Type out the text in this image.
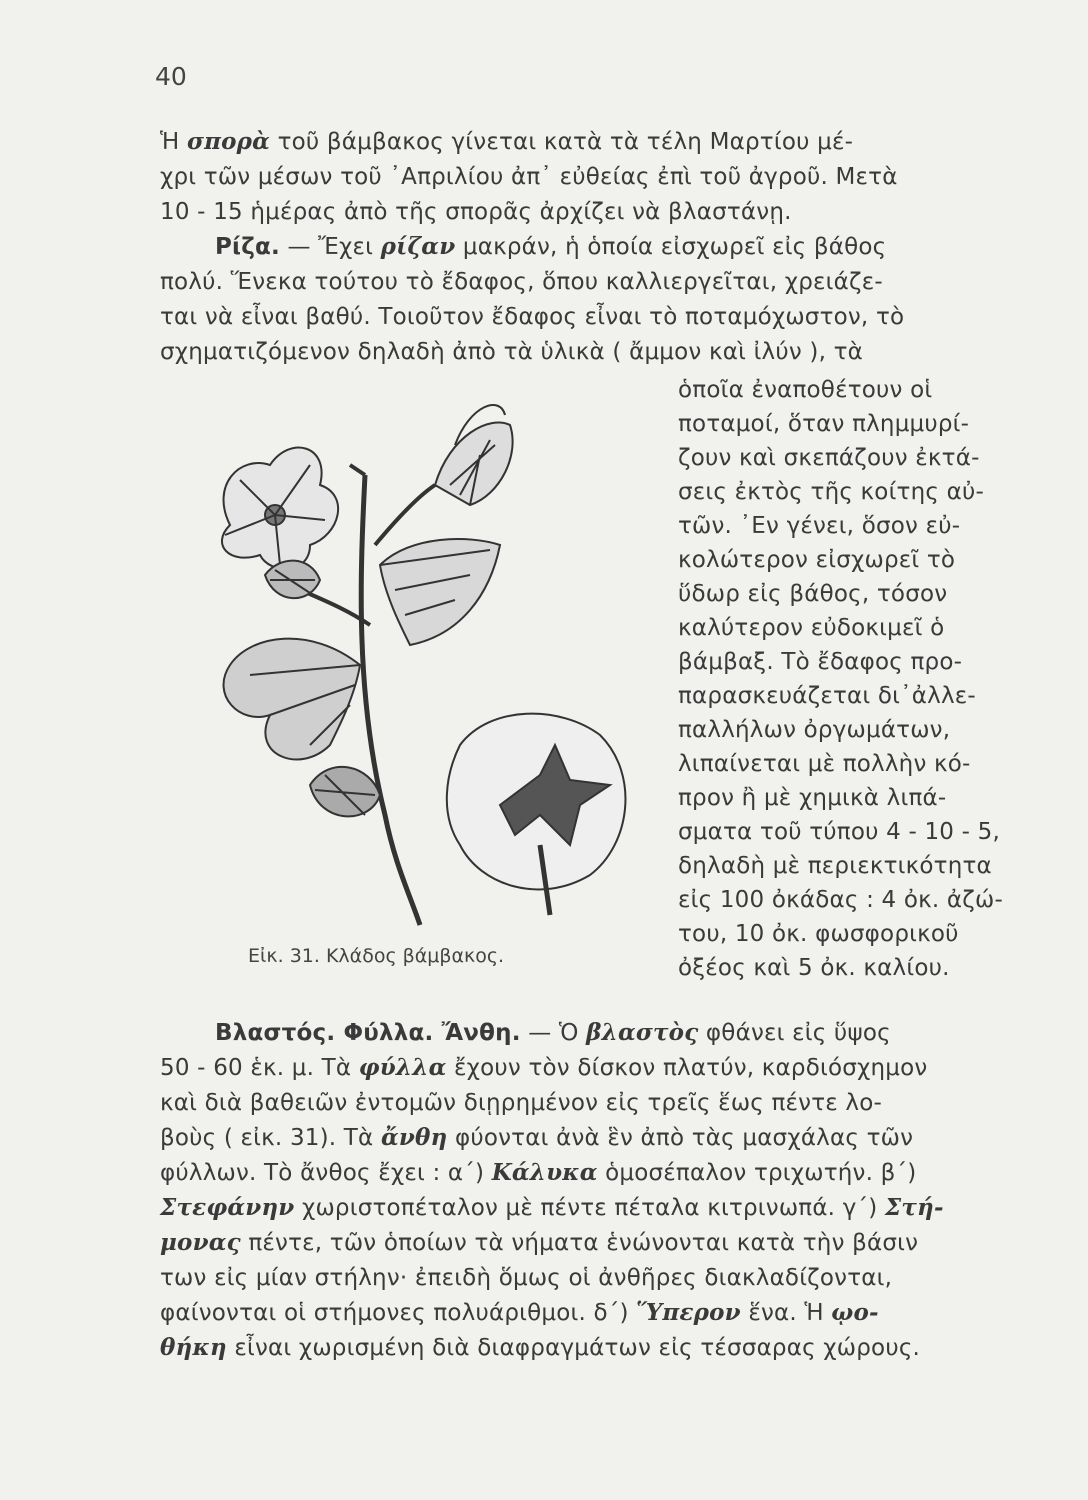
40
Ἡ σπορὰ τοῦ βάμβακος γίνεται κατὰ τὰ τέλη Μαρτίου μέ-
χρι τῶν μέσων τοῦ ᾿Απριλίου ἀπ᾿ εὐθείας ἐπὶ τοῦ ἀγροῦ. Μετὰ
10 - 15 ἡμέρας ἀπὸ τῆς σπορᾶς ἀρχίζει νὰ βλαστάνῃ.
Ρίζα. — Ἔχει ρίζαν μακράν, ἡ ὁποία εἰσχωρεῖ εἰς βάθος
πολύ. Ἕνεκα τούτου τὸ ἔδαφος, ὅπου καλλιεργεῖται, χρειάζε-
ται νὰ εἶναι βαθύ. Τοιοῦτον ἔδαφος εἶναι τὸ ποταμόχωστον, τὸ
σχηματιζόμενον δηλαδὴ ἀπὸ τὰ ὑλικὰ ( ἄμμον καὶ ἰλύν ), τὰ
ὁποῖα ἐναποθέτουν οἱ
ποταμοί, ὅταν πλημμυρί-
ζουν καὶ σκεπάζουν ἐκτά-
σεις ἐκτὸς τῆς κοίτης αὐ-
τῶν. ᾿Εν γένει, ὅσον εὐ-
κολώτερον εἰσχωρεῖ τὸ
ὕδωρ εἰς βάθος, τόσον
καλύτερον εὐδοκιμεῖ ὁ
βάμβαξ. Τὸ ἔδαφος προ-
παρασκευάζεται δι᾿ἀλλε-
παλλήλων ὀργωμάτων,
λιπαίνεται μὲ πολλὴν κό-
προν ἢ μὲ χημικὰ λιπά-
σματα τοῦ τύπου 4 - 10 - 5,
δηλαδὴ μὲ περιεκτικότητα
εἰς 100 ὀκάδας : 4 ὀκ. ἀζώ-
του, 10 ὀκ. φωσφορικοῦ
ὀξέος καὶ 5 ὀκ. καλίου.
Εἰκ. 31. Κλάδος βάμβακος.
Βλαστός. Φύλλα. Ἄνθη. — Ὁ βλαστὸς φθάνει εἰς ὕψος
50 - 60 ἑκ. μ. Τὰ φύλλα ἔχουν τὸν δίσκον πλατύν, καρδιόσχημον
καὶ διὰ βαθειῶν ἐντομῶν διῃρημένον εἰς τρεῖς ἕως πέντε λο-
βοὺς ( εἰκ. 31). Τὰ ἄνθη φύονται ἀνὰ ἓν ἀπὸ τὰς μασχάλας τῶν
φύλλων. Τὸ ἄνθος ἔχει : α΄) Κάλυκα ὁμοσέπαλον τριχωτήν. β΄)
Στεφάνην χωριστοπέταλον μὲ πέντε πέταλα κιτρινωπά. γ΄) Στή-
μονας πέντε, τῶν ὁποίων τὰ νήματα ἑνώνονται κατὰ τὴν βάσιν
των εἰς μίαν στήλην· ἐπειδὴ ὅμως οἱ ἀνθῆρες διακλαδίζονται,
φαίνονται οἱ στήμονες πολυάριθμοι. δ΄) Ὕπερον ἕνα. Ἡ ῳο-
θήκη εἶναι χωρισμένη διὰ διαφραγμάτων εἰς τέσσαρας χώρους.
